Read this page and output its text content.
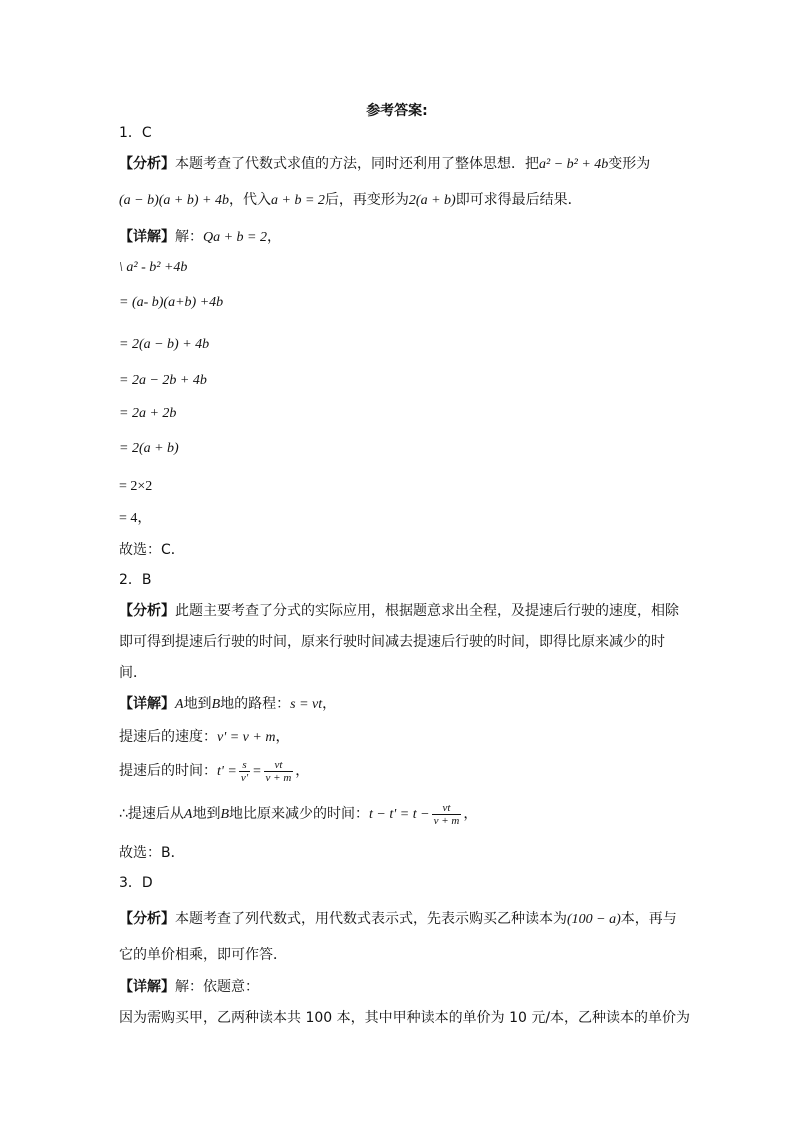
参考答案:
1．C
【分析】本题考查了代数式求值的方法，同时还利用了整体思想．把a² − b² + 4b变形为
(a − b)(a + b) + 4b，代入a + b = 2后，再变形为2(a + b)即可求得最后结果．
【详解】解：Qa + b = 2，
\ a² - b² +4b
= (a- b)(a+b) +4b
= 2(a − b) + 4b
= 2a − 2b + 4b
= 2a + 2b
= 2(a + b)
= 2×2
= 4，
故选：C．
2．B
【分析】此题主要考查了分式的实际应用，根据题意求出全程，及提速后行驶的速度，相除
即可得到提速后行驶的时间，原来行驶时间减去提速后行驶的时间，即得比原来减少的时
间．
【详解】A地到B地的路程：s = vt，
提速后的速度：v' = v + m，
提速后的时间：$t' = \frac{s}{v'} = \frac{vt}{v + m}$ ，
∴提速后从A地到B地比原来减少的时间：$t - t' = t - \frac{vt}{v + m}$ ，
故选：B．
3．D
【分析】本题考查了列代数式，用代数式表示式，先表示购买乙种读本为(100 − a)本，再与
它的单价相乘，即可作答．
【详解】解：依题意：
因为需购买甲，乙两种读本共 100 本，其中甲种读本的单价为 10 元/本，乙种读本的单价为
